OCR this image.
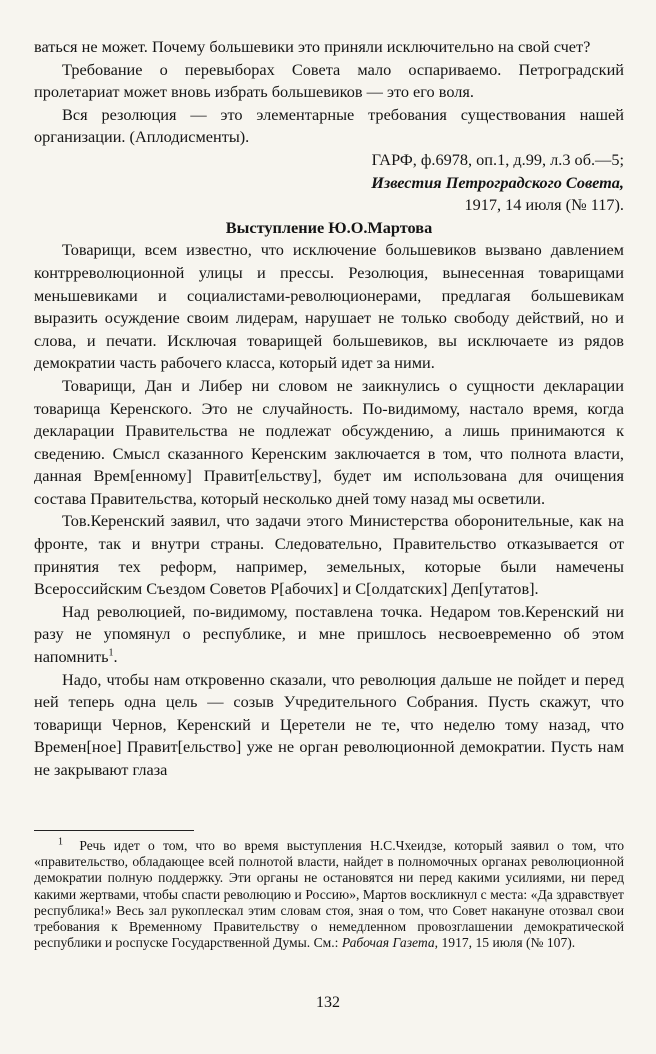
ваться не может. Почему большевики это приняли исключительно на свой счет?

Требование о перевыборах Совета мало оспариваемо. Петроградский пролетариат может вновь избрать большевиков — это его воля.

Вся резолюция — это элементарные требования существования нашей организации. (Аплодисменты).

ГАРФ, ф.6978, оп.1, д.99, л.3 об.—5;

Известия Петроградского Совета,

1917, 14 июля (№ 117).

Выступление Ю.О.Мартова

Товарищи, всем известно, что исключение большевиков вызвано давлением контрреволюционной улицы и прессы. Резолюция, вынесенная товарищами меньшевиками и социалистами-революционерами, предлагая большевикам выразить осуждение своим лидерам, нарушает не только свободу действий, но и слова, и печати. Исключая товарищей большевиков, вы исключаете из рядов демократии часть рабочего класса, который идет за ними.

Товарищи, Дан и Либер ни словом не заикнулись о сущности декларации товарища Керенского. Это не случайность. По-видимому, настало время, когда декларации Правительства не подлежат обсуждению, а лишь принимаются к сведению. Смысл сказанного Керенским заключается в том, что полнота власти, данная Врем[енному] Правит[ельству], будет им использована для очищения состава Правительства, который несколько дней тому назад мы осветили.

Тов.Керенский заявил, что задачи этого Министерства оборонительные, как на фронте, так и внутри страны. Следовательно, Правительство отказывается от принятия тех реформ, например, земельных, которые были намечены Всероссийским Съездом Советов Р[абочих] и С[олдатских] Деп[утатов].

Над революцией, по-видимому, поставлена точка. Недаром тов.Керенский ни разу не упомянул о республике, и мне пришлось несвоевременно об этом напомнить$^1$.

Надо, чтобы нам откровенно сказали, что революция дальше не пойдет и перед ней теперь одна цель — созыв Учредительного Собрания. Пусть скажут, что товарищи Чернов, Керенский и Церетели не те, что неделю тому назад, что Времен[ное] Правит[ельство] уже не орган революционной демократии. Пусть нам не закрывают глаза

$^1$ Речь идет о том, что во время выступления Н.С.Чхеидзе, который заявил о том, что «правительство, обладающее всей полнотой власти, найдет в полномочных органах революционной демократии полную поддержку. Эти органы не остановятся ни перед какими усилиями, ни перед какими жертвами, чтобы спасти революцию и Россию», Мартов воскликнул с места: «Да здравствует республика!» Весь зал рукоплескал этим словам стоя, зная о том, что Совет накануне отозвал свои требования к Временному Правительству о немедленном провозглашении демократической республики и роспуске Государственной Думы. См.: Рабочая Газета, 1917, 15 июля (№ 107).

132
